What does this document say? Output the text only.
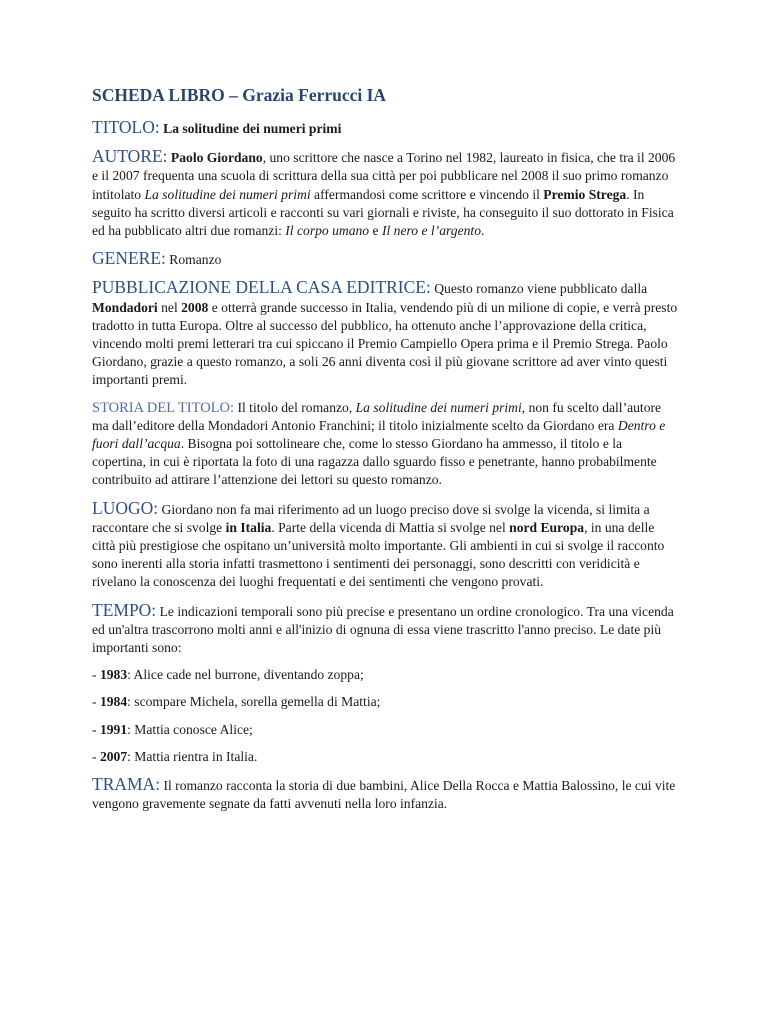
SCHEDA LIBRO – Grazia Ferrucci IA
TITOLO: La solitudine dei numeri primi
AUTORE: Paolo Giordano, uno scrittore che nasce a Torino nel 1982, laureato in fisica, che tra il 2006 e il 2007 frequenta una scuola di scrittura della sua città per poi pubblicare nel 2008 il suo primo romanzo intitolato La solitudine dei numeri primi affermandosi come scrittore e vincendo il Premio Strega. In seguito ha scritto diversi articoli e racconti su vari giornali e riviste, ha conseguito il suo dottorato in Fisica ed ha pubblicato altri due romanzi: Il corpo umano e Il nero e l’argento.
GENERE: Romanzo
PUBBLICAZIONE DELLA CASA EDITRICE: Questo romanzo viene pubblicato dalla Mondadori nel 2008 e otterrà grande successo in Italia, vendendo più di un milione di copie, e verrà presto tradotto in tutta Europa. Oltre al successo del pubblico, ha ottenuto anche l’approvazione della critica, vincendo molti premi letterari tra cui spiccano il Premio Campiello Opera prima e il Premio Strega. Paolo Giordano, grazie a questo romanzo, a soli 26 anni diventa così il più giovane scrittore ad aver vinto questi importanti premi.
STORIA DEL TITOLO: Il titolo del romanzo, La solitudine dei numeri primi, non fu scelto dall’autore ma dall’editore della Mondadori Antonio Franchini; il titolo inizialmente scelto da Giordano era Dentro e fuori dall’acqua. Bisogna poi sottolineare che, come lo stesso Giordano ha ammesso, il titolo e la copertina, in cui è riportata la foto di una ragazza dallo sguardo fisso e penetrante, hanno probabilmente contribuito ad attirare l’attenzione dei lettori su questo romanzo.
LUOGO: Giordano non fa mai riferimento ad un luogo preciso dove si svolge la vicenda, si limita a raccontare che si svolge in Italia. Parte della vicenda di Mattia si svolge nel nord Europa, in una delle città più prestigiose che ospitano un’università molto importante. Gli ambienti in cui si svolge il racconto sono inerenti alla storia infatti trasmettono i sentimenti dei personaggi, sono descritti con veridicità e rivelano la conoscenza dei luoghi frequentati e dei sentimenti che vengono provati.
TEMPO: Le indicazioni temporali sono più precise e presentano un ordine cronologico. Tra una vicenda ed un'altra trascorrono molti anni e all'inizio di ognuna di essa viene trascritto l'anno preciso. Le date più importanti sono:
- 1983: Alice cade nel burrone, diventando zoppa;
- 1984: scompare Michela, sorella gemella di Mattia;
- 1991: Mattia conosce Alice;
- 2007: Mattia rientra in Italia.
TRAMA: Il romanzo racconta la storia di due bambini, Alice Della Rocca e Mattia Balossino, le cui vite vengono gravemente segnate da fatti avvenuti nella loro infanzia.
